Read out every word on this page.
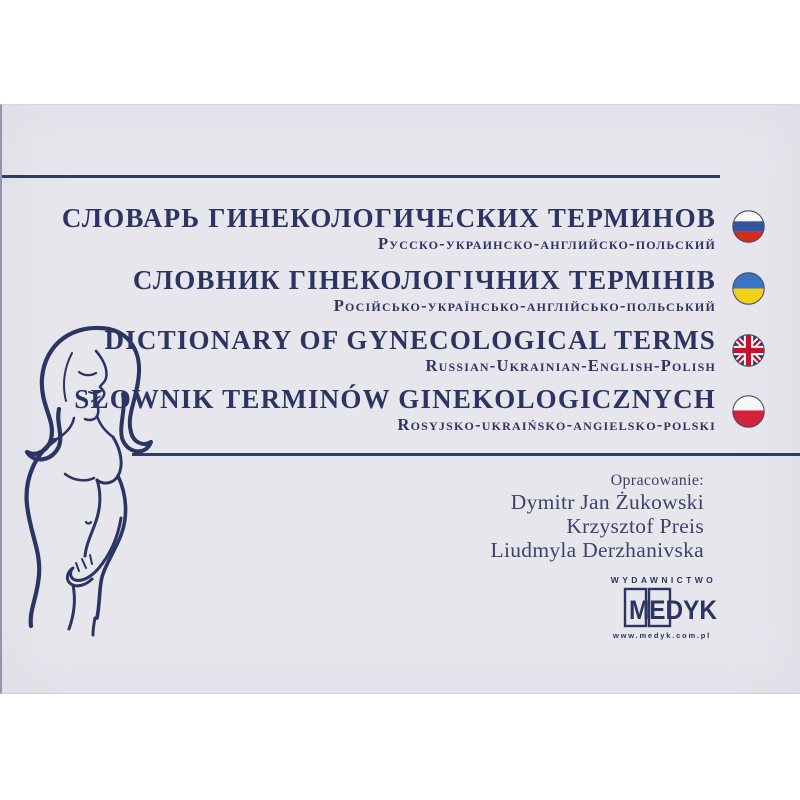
СЛОВАРЬ ГИНЕКОЛОГИЧЕСКИХ ТЕРМИНОВ
Русско-украинско-английско-польский
СЛОВНИК ГІНЕКОЛОГІЧНИХ ТЕРМІНІВ
Російсько-українсько-англійсько-польський
DICTIONARY OF GYNECOLOGICAL TERMS
Russian-Ukrainian-English-Polish
SŁOWNIK TERMINÓW GINEKOLOGICZNYCH
Rosyjsko-ukraińsko-angielsko-polski
Opracowanie:
Dymitr Jan Żukowski
Krzysztof Preis
Liudmyla Derzhanivska
WYDAWNICTWO
MEDYK
www.medyk.com.pl
